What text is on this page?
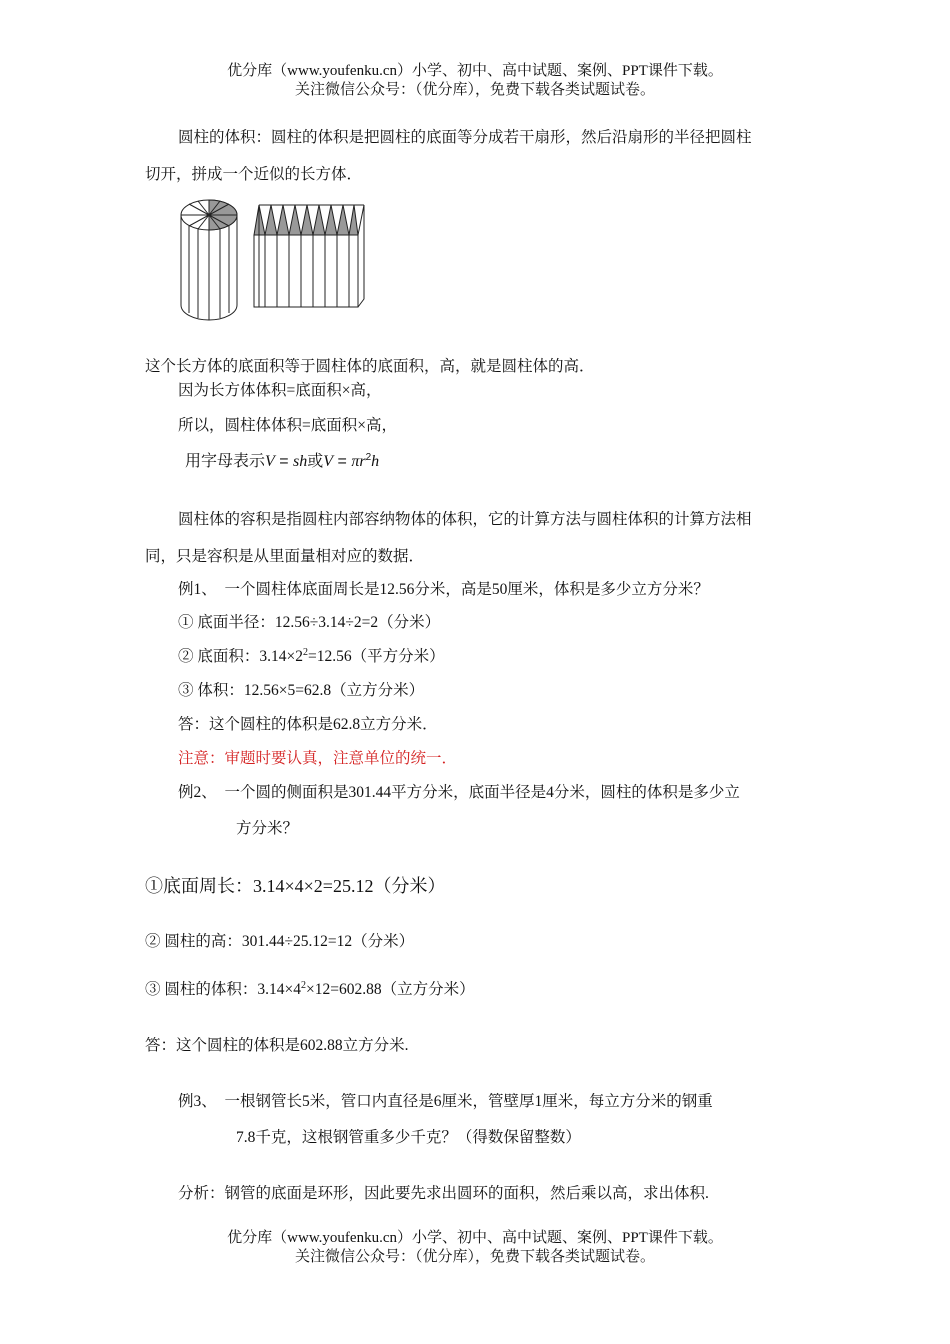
优分库（www.youfenku.cn）小学、初中、高中试题、案例、PPT课件下载。
关注微信公众号：（优分库），免费下载各类试题试卷。
圆柱的体积：圆柱的体积是把圆柱的底面等分成若干扇形，然后沿扇形的半径把圆柱
切开，拼成一个近似的长方体．
这个长方体的底面积等于圆柱体的底面积，高，就是圆柱体的高．
因为长方体体积=底面积×高，
所以，圆柱体体积=底面积×高，
用字母表示V = sh或$V = \pi r^2h$
圆柱体的容积是指圆柱内部容纳物体的体积，它的计算方法与圆柱体积的计算方法相
同，只是容积是从里面量相对应的数据．
例1、　一个圆柱体底面周长是12.56分米，高是50厘米，体积是多少立方分米？
① 底面半径：12.56÷3.14÷2=2（分米）
② 底面积：$3.14\times 2^2=12.56$（平方分米）
③ 体积：12.56×5=62.8（立方分米）
答：这个圆柱的体积是62.8立方分米．
注意：审题时要认真，注意单位的统一．
例2、　一个圆的侧面积是301.44平方分米，底面半径是4分米，圆柱的体积是多少立
方分米？
①底面周长：3.14×4×2=25.12（分米）
② 圆柱的高：301.44÷25.12=12（分米）
③ 圆柱的体积：$3.14\times 4^2\times 12=602.88$（立方分米）
答：这个圆柱的体积是602.88立方分米.
例3、　一根钢管长5米，管口内直径是6厘米，管壁厚1厘米，每立方分米的钢重
7.8千克，这根钢管重多少千克？（得数保留整数）
分析：钢管的底面是环形，因此要先求出圆环的面积，然后乘以高，求出体积.
优分库（www.youfenku.cn）小学、初中、高中试题、案例、PPT课件下载。
关注微信公众号：（优分库），免费下载各类试题试卷。
